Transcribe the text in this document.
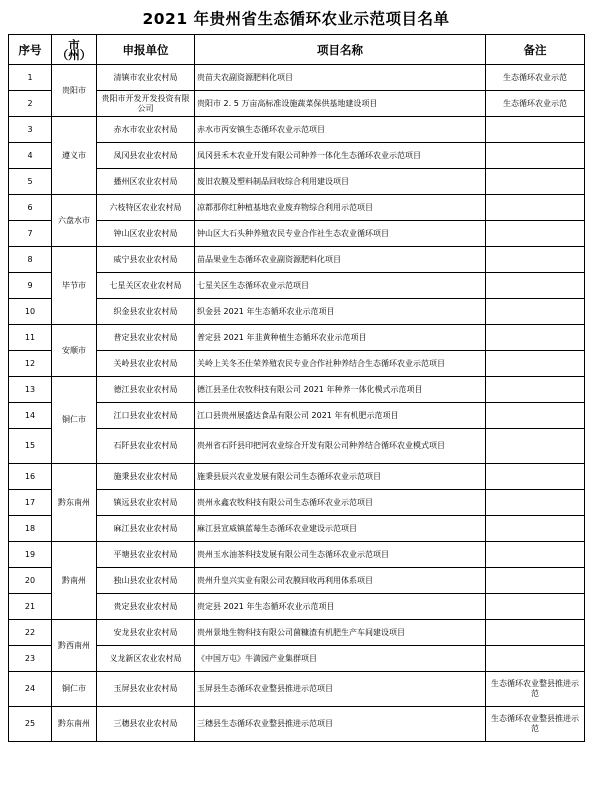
2021 年贵州省生态循环农业示范项目名单
序号	市（州）	申报单位	项目名称	备注
1	贵阳市	清镇市农业农村局	贵苗夫农副资源肥料化项目	生态循环农业示范
2		贵阳市开发开发投资有限公司	贵阳市 2. 5 万亩高标准设施蔬菜保供基地建设项目	生态循环农业示范
3	遵义市	赤水市农业农村局	赤水市丙安镇生态循环农业示范项目	
4		凤冈县农业农村局	凤冈县禾木农业开发有限公司种养一体化生态循环农业示范项目	
5		播州区农业农村局	废旧农膜及塑料制品回收综合利用建设项目	
6	六盘水市	六枝特区农业农村局	凉都那你红种植基地农业废弃物综合利用示范项目	
7		钟山区农业农村局	钟山区大石头种养殖农民专业合作社生态农业循环项目	
8	毕节市	威宁县农业农村局	苗品果业生态循环农业副资源肥料化项目	
9		七星关区农业农村局	七星关区生态循环农业示范项目	
10		织金县农业农村局	织金县 2021 年生态循环农业示范项目	
11	安顺市	普定县农业农村局	普定县 2021 年韭黄种植生态循环农业示范项目	
12		关岭县农业农村局	关岭上关冬丕仕荣养殖农民专业合作社种养结合生态循环农业示范项目	
13	铜仁市	德江县农业农村局	德江县圣仕农牧科技有限公司 2021 年种养一体化模式示范项目	
14		江口县农业农村局	江口县贵州展盛达食品有限公司 2021 年有机肥示范项目	
15		石阡县农业农村局	贵州省石阡县印把河农业综合开发有限公司种养结合循环农业模式项目	
16	黔东南州	施秉县农业农村局	施秉县辰兴农业发展有限公司生态循环农业示范项目	
17		镇远县农业农村局	贵州永鑫农牧科技有限公司生态循环农业示范项目	
18		麻江县农业农村局	麻江县宣威镇蓝莓生态循环农业建设示范项目	
19	黔南州	平塘县农业农村局	贵州玉水油茶科技发展有限公司生态循环农业示范项目	
20		独山县农业农村局	贵州升皇兴实业有限公司农膜回收再利用体系项目	
21		贵定县农业农村局	贵定县 2021 年生态循环农业示范项目	
22	黔西南州	安龙县农业农村局	贵州景地生物科技有限公司菌糠渣有机肥生产车间建设项目	
23		义龙新区农业农村局	《中国万屯》牛満园产业集群项目	
24	铜仁市	玉屏县农业农村局	玉屏县生态循环农业整县推进示范项目	生态循环农业整县推进示范
25	黔东南州	三穗县农业农村局	三穗县生态循环农业整县推进示范项目	生态循环农业整县推进示范
